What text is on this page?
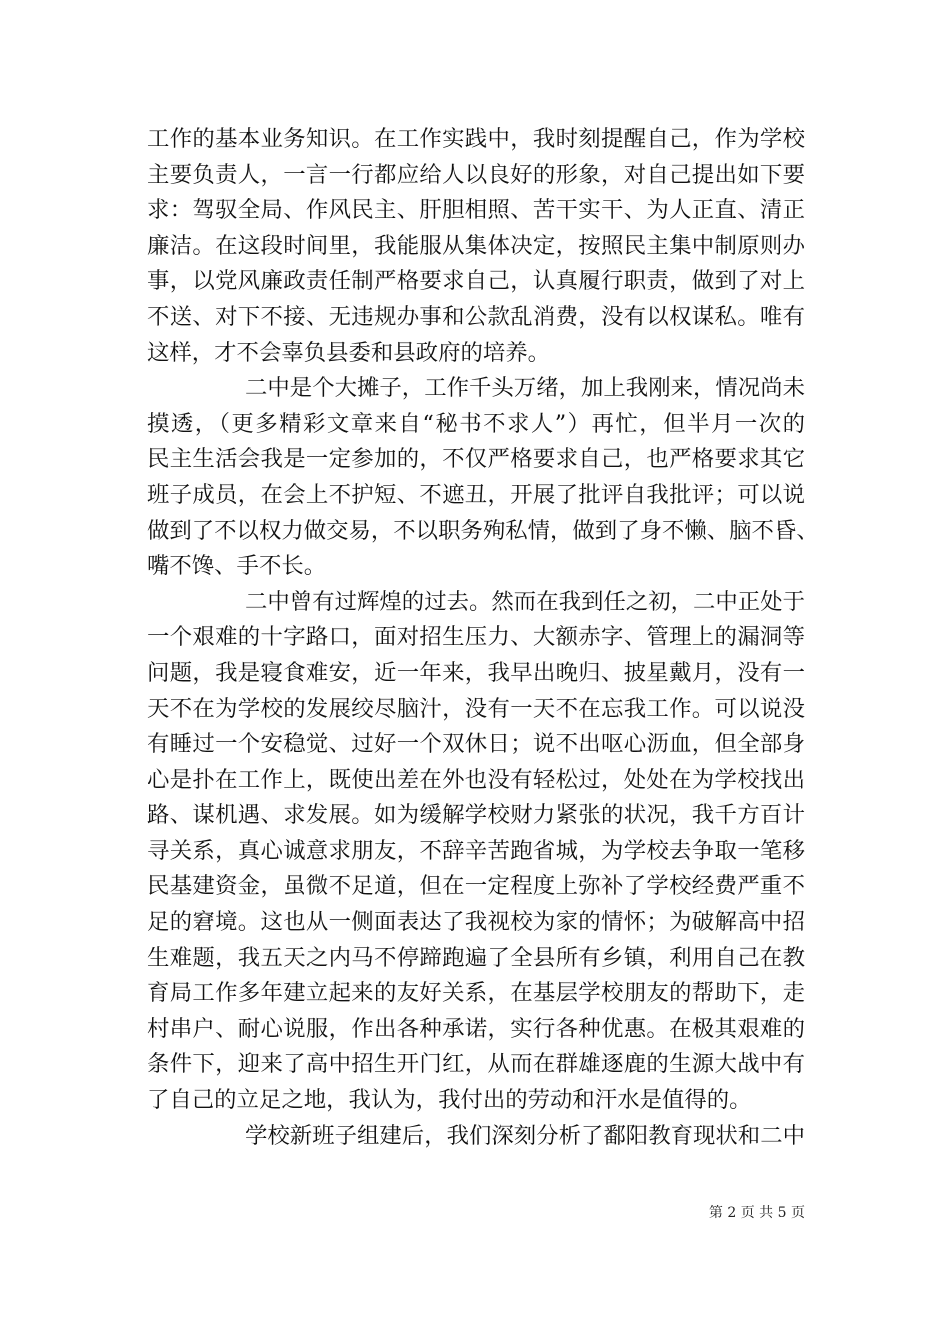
工作的基本业务知识。在工作实践中，我时刻提醒自己，作为学校
主要负责人，一言一行都应给人以良好的形象，对自己提出如下要
求：驾驭全局、作风民主、肝胆相照、苦干实干、为人正直、清正
廉洁。在这段时间里，我能服从集体决定，按照民主集中制原则办
事，以党风廉政责任制严格要求自己，认真履行职责，做到了对上
不送、对下不接、无违规办事和公款乱消费，没有以权谋私。唯有
这样，才不会辜负县委和县政府的培养。
二中是个大摊子，工作千头万绪，加上我刚来，情况尚未
摸透，（更多精彩文章来自“秘书不求人”）再忙，但半月一次的
民主生活会我是一定参加的，不仅严格要求自己，也严格要求其它
班子成员，在会上不护短、不遮丑，开展了批评自我批评；可以说
做到了不以权力做交易，不以职务殉私情，做到了身不懒、脑不昏、
嘴不馋、手不长。
二中曾有过辉煌的过去。然而在我到任之初，二中正处于
一个艰难的十字路口，面对招生压力、大额赤字、管理上的漏洞等
问题，我是寝食难安，近一年来，我早出晚归、披星戴月，没有一
天不在为学校的发展绞尽脑汁，没有一天不在忘我工作。可以说没
有睡过一个安稳觉、过好一个双休日；说不出呕心沥血，但全部身
心是扑在工作上，既使出差在外也没有轻松过，处处在为学校找出
路、谋机遇、求发展。如为缓解学校财力紧张的状况，我千方百计
寻关系，真心诚意求朋友，不辞辛苦跑省城，为学校去争取一笔移
民基建资金，虽微不足道，但在一定程度上弥补了学校经费严重不
足的窘境。这也从一侧面表达了我视校为家的情怀；为破解高中招
生难题，我五天之内马不停蹄跑遍了全县所有乡镇，利用自己在教
育局工作多年建立起来的友好关系，在基层学校朋友的帮助下，走
村串户、耐心说服，作出各种承诺，实行各种优惠。在极其艰难的
条件下，迎来了高中招生开门红，从而在群雄逐鹿的生源大战中有
了自己的立足之地，我认为，我付出的劳动和汗水是值得的。
学校新班子组建后，我们深刻分析了鄱阳教育现状和二中
第 2 页 共 5 页
